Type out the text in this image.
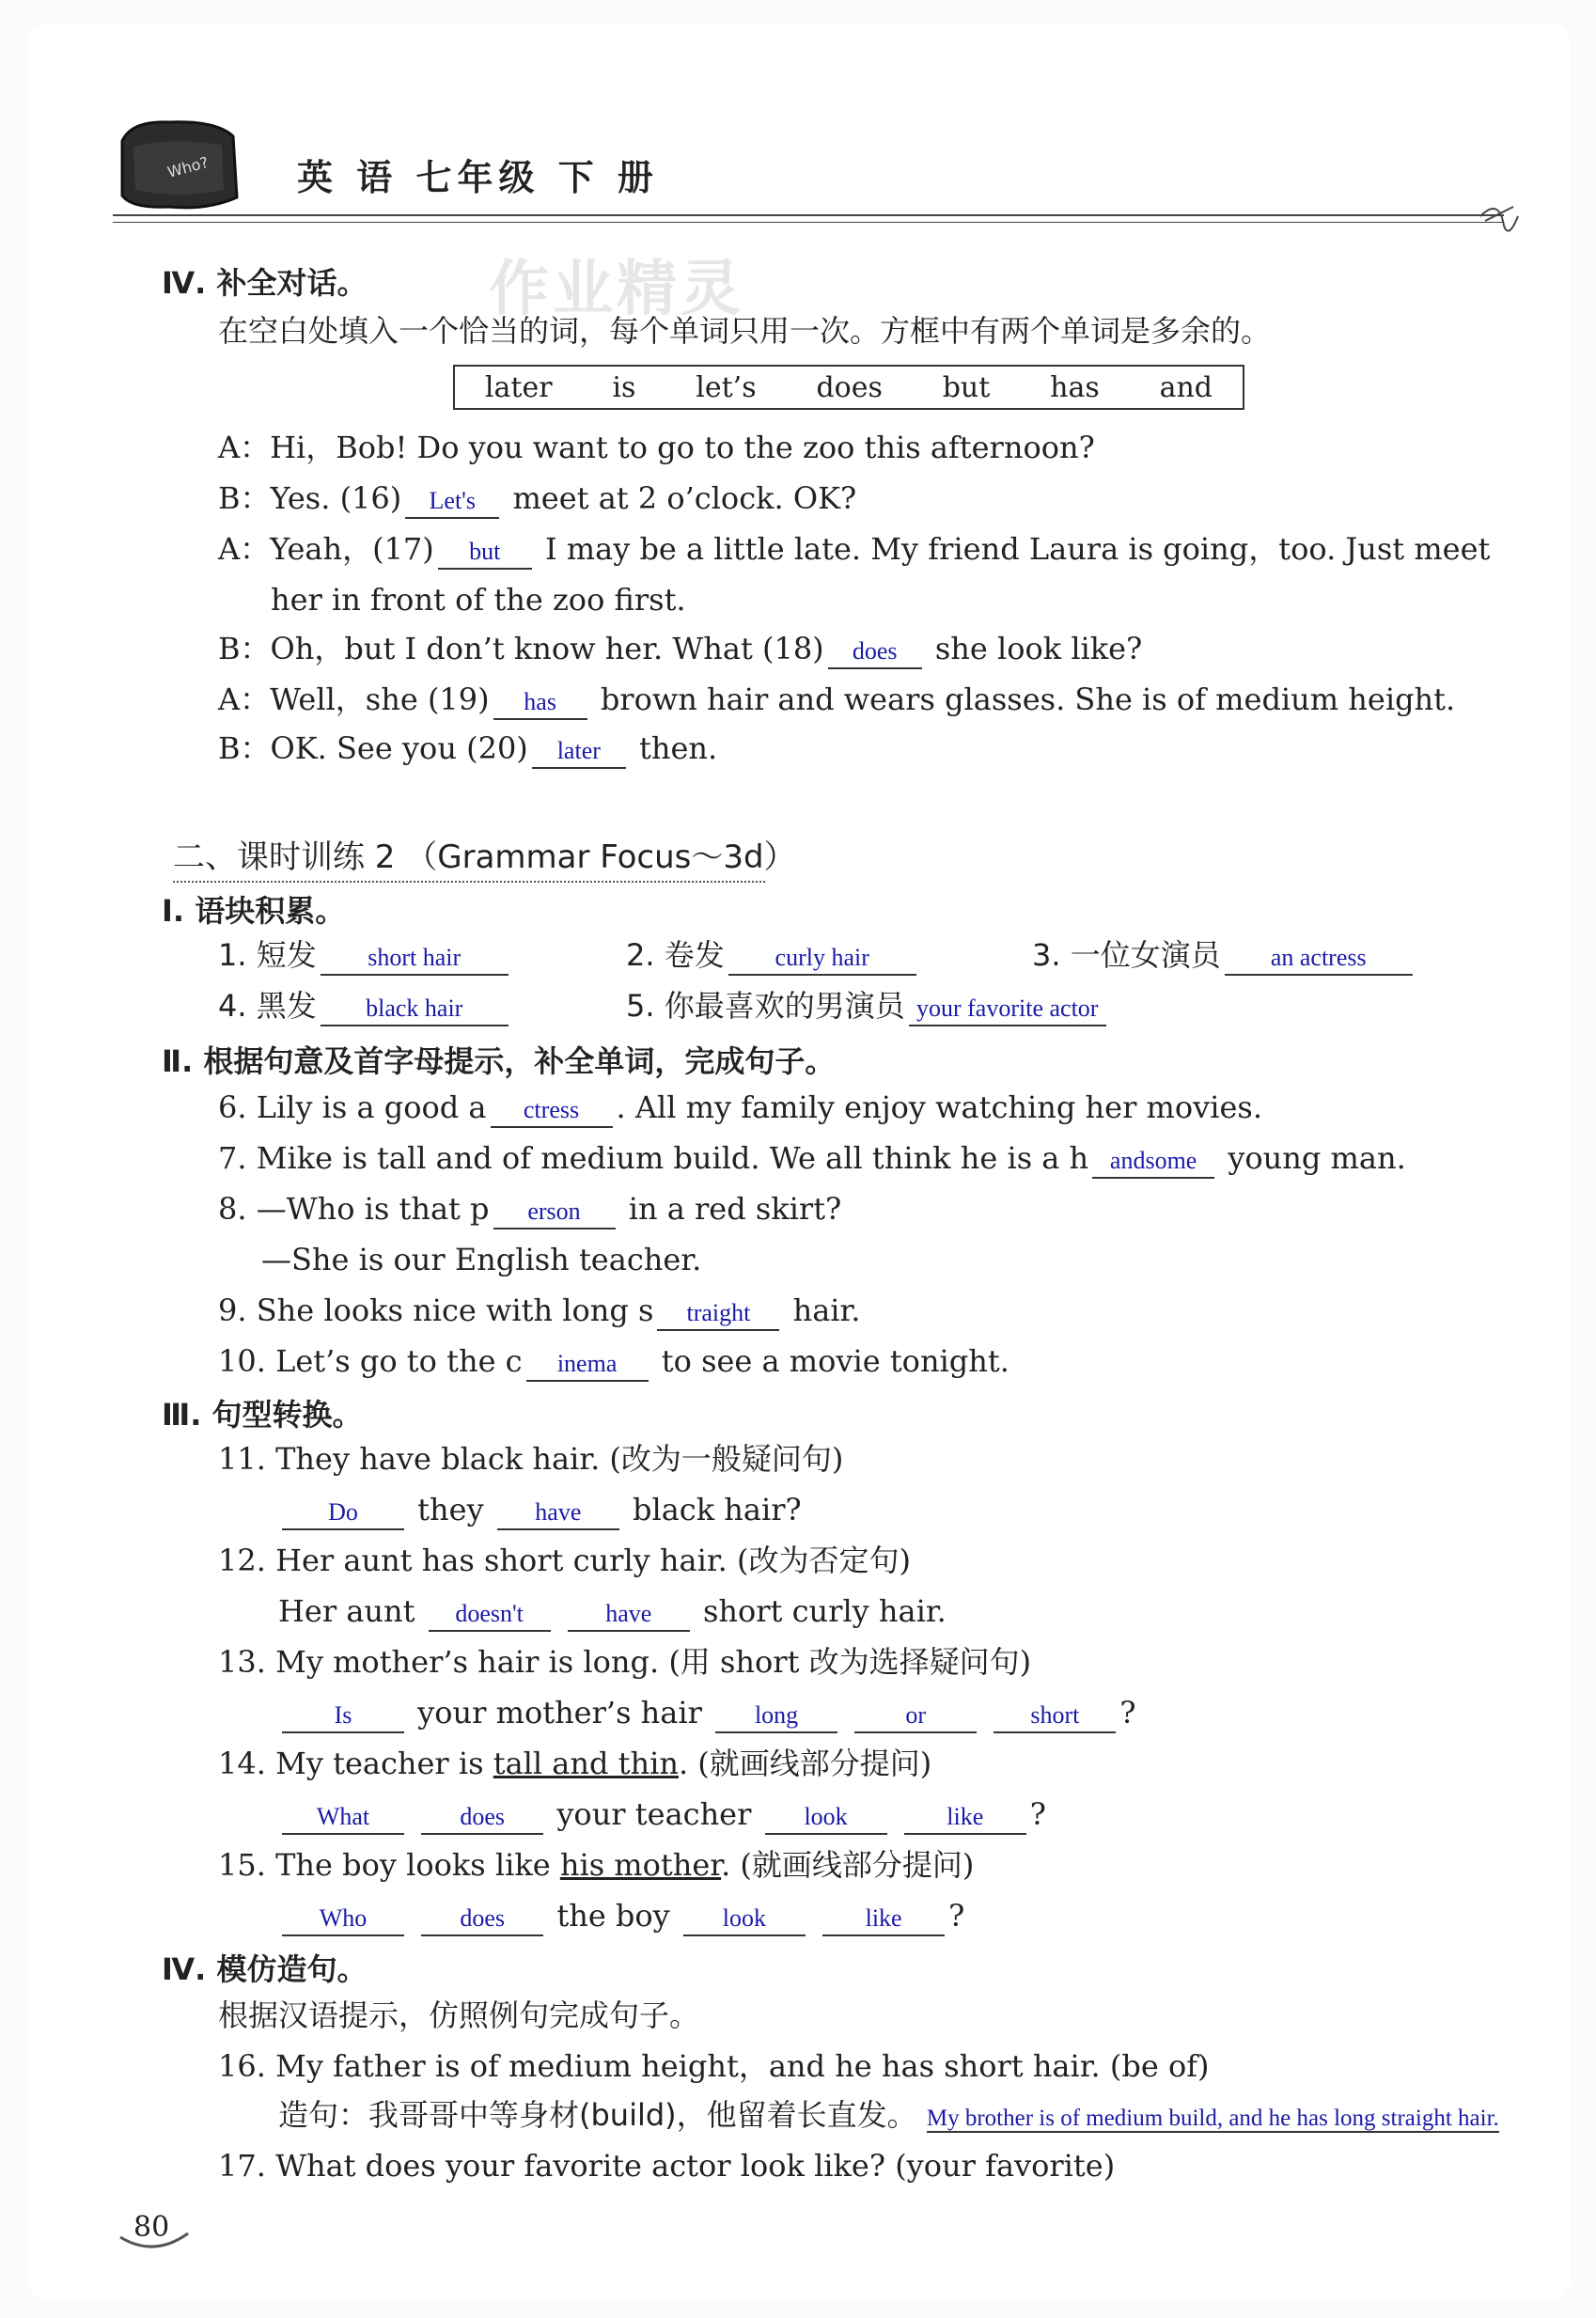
Who? 英 语 七年级 下 册
作业精灵
Ⅳ. 补全对话。
在空白处填入一个恰当的词，每个单词只用一次。方框中有两个单词是多余的。
later is let’s does but has and
A：Hi，Bob! Do you want to go to the zoo this afternoon?
B：Yes. (16) Let's meet at 2 o’clock. OK?
A：Yeah，(17) but I may be a little late. My friend Laura is going，too. Just meet
her in front of the zoo first.
B：Oh，but I don’t know her. What (18) does she look like?
A：Well，she (19) has brown hair and wears glasses. She is of medium height.
B：OK. See you (20) later then.
二、课时训练 2 （Grammar Focus～3d）
Ⅰ. 语块积累。
1. 短发 short hair	2. 卷发 curly hair	3. 一位女演员 an actress
4. 黑发 black hair	5. 你最喜欢的男演员 your favorite actor
Ⅱ. 根据句意及首字母提示，补全单词，完成句子。
6. Lily is a good a ctress . All my family enjoy watching her movies.
7. Mike is tall and of medium build. We all think he is a h andsome young man.
8. —Who is that p erson in a red skirt?
—She is our English teacher.
9. She looks nice with long s traight hair.
10. Let’s go to the c inema to see a movie tonight.
Ⅲ. 句型转换。
11. They have black hair. (改为一般疑问句)
Do they have black hair?
12. Her aunt has short curly hair. (改为否定句)
Her aunt doesn't	have short curly hair.
13. My mother’s hair is long. (用 short 改为选择疑问句)
Is your mother’s hair long	or	short ?
14. My teacher is tall and thin. (就画线部分提问)
What	does your teacher look	like ?
15. The boy looks like his mother. (就画线部分提问)
Who	does the boy look	like ?
Ⅳ. 模仿造句。
根据汉语提示，仿照例句完成句子。
16. My father is of medium height，and he has short hair. (be of)
造句：我哥哥中等身材(build)，他留着长直发。 My brother is of medium build, and he has long straight hair.
17. What does your favorite actor look like? (your favorite)
80
